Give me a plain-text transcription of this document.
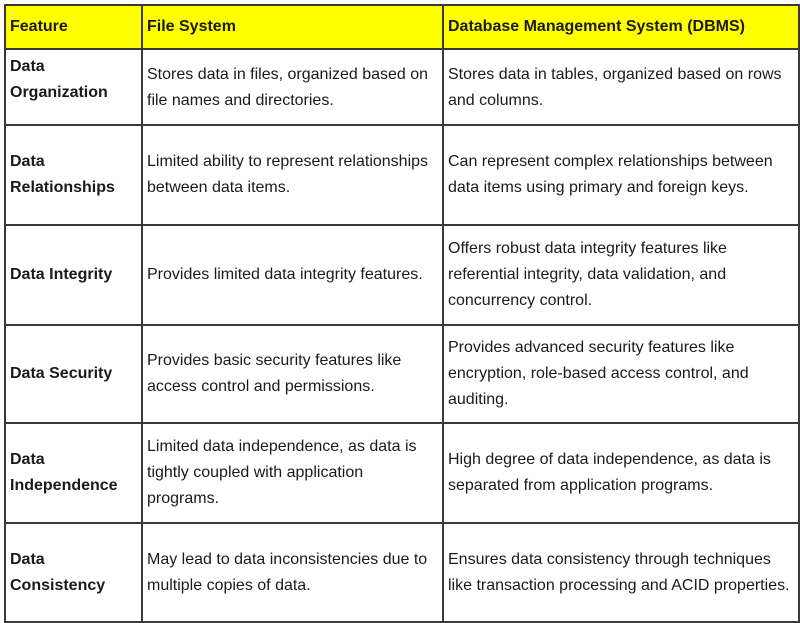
Feature	File System	Database Management System (DBMS)
Data Organization	Stores data in files, organized based on file names and directories.	Stores data in tables, organized based on rows and columns.
Data Relationships	Limited ability to represent relationships between data items.	Can represent complex relationships between data items using primary and foreign keys.
Data Integrity	Provides limited data integrity features.	Offers robust data integrity features like referential integrity, data validation, and concurrency control.
Data Security	Provides basic security features like access control and permissions.	Provides advanced security features like encryption, role-based access control, and auditing.
Data Independence	Limited data independence, as data is tightly coupled with application programs.	High degree of data independence, as data is separated from application programs.
Data Consistency	May lead to data inconsistencies due to multiple copies of data.	Ensures data consistency through techniques like transaction processing and ACID properties.
